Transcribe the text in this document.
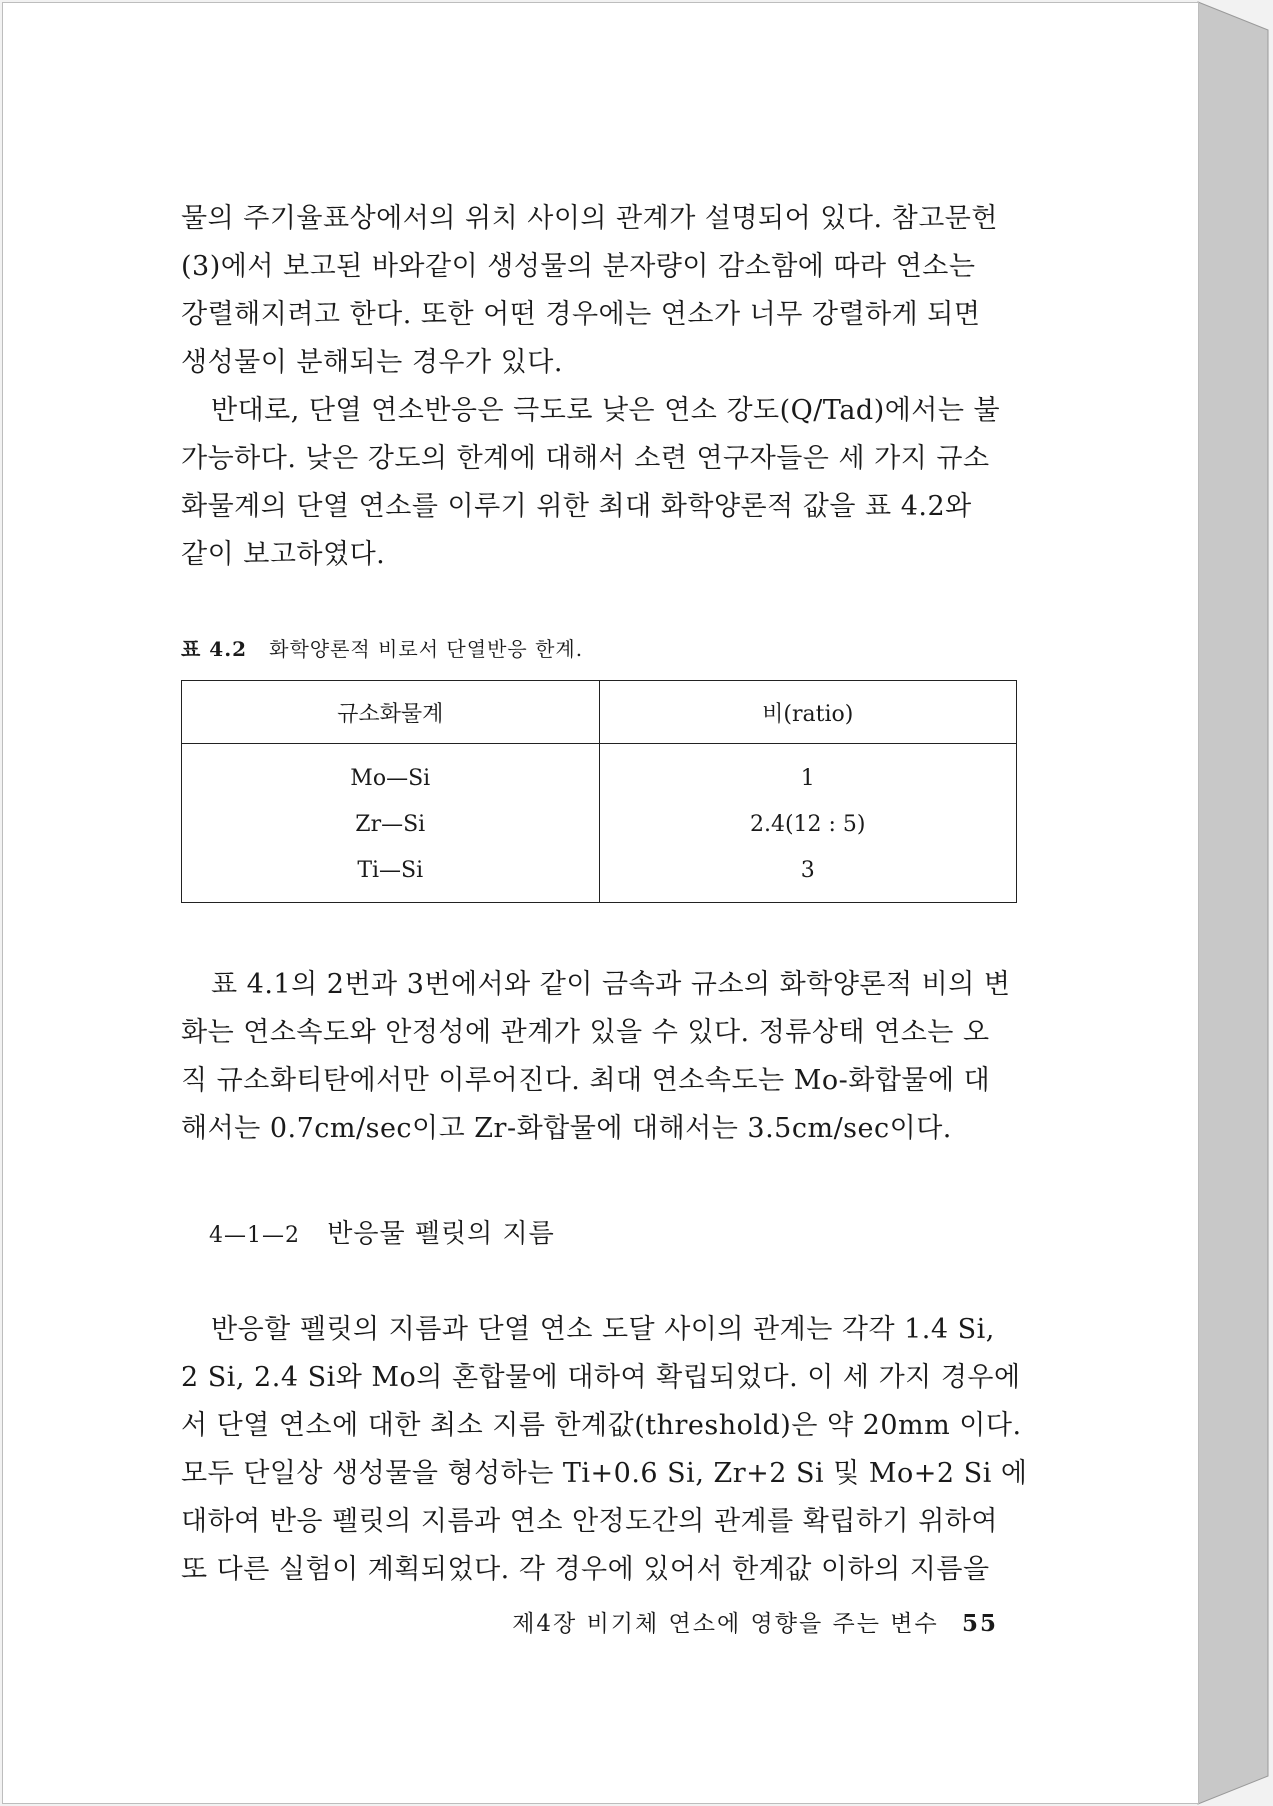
물의 주기율표상에서의 위치 사이의 관계가 설명되어 있다. 참고문헌
(3)에서 보고된 바와같이 생성물의 분자량이 감소함에 따라 연소는
강렬해지려고 한다. 또한 어떤 경우에는 연소가 너무 강렬하게 되면
생성물이 분해되는 경우가 있다.

반대로, 단열 연소반응은 극도로 낮은 연소 강도(Q/Tad)에서는 불
가능하다. 낮은 강도의 한계에 대해서 소련 연구자들은 세 가지 규소
화물계의 단열 연소를 이루기 위한 최대 화학양론적 값을 표 4.2와
같이 보고하였다.

표 4.2 화학양론적 비로서 단열반응 한계.
규소화물계	비(ratio)
Mo—Si	1
Zr—Si	2.4(12 : 5)
Ti—Si	3

표 4.1의 2번과 3번에서와 같이 금속과 규소의 화학양론적 비의 변
화는 연소속도와 안정성에 관계가 있을 수 있다. 정류상태 연소는 오
직 규소화티탄에서만 이루어진다. 최대 연소속도는 Mo-화합물에 대
해서는 0.7cm/sec이고 Zr-화합물에 대해서는 3.5cm/sec이다.

4—1—2 반응물 펠릿의 지름

반응할 펠릿의 지름과 단열 연소 도달 사이의 관계는 각각 1.4 Si,
2 Si, 2.4 Si와 Mo의 혼합물에 대하여 확립되었다. 이 세 가지 경우에
서 단열 연소에 대한 최소 지름 한계값(threshold)은 약 20mm 이다.
모두 단일상 생성물을 형성하는 Ti+0.6 Si, Zr+2 Si 및 Mo+2 Si 에
대하여 반응 펠릿의 지름과 연소 안정도간의 관계를 확립하기 위하여
또 다른 실험이 계획되었다. 각 경우에 있어서 한계값 이하의 지름을

제4장 비기체 연소에 영향을 주는 변수 55
